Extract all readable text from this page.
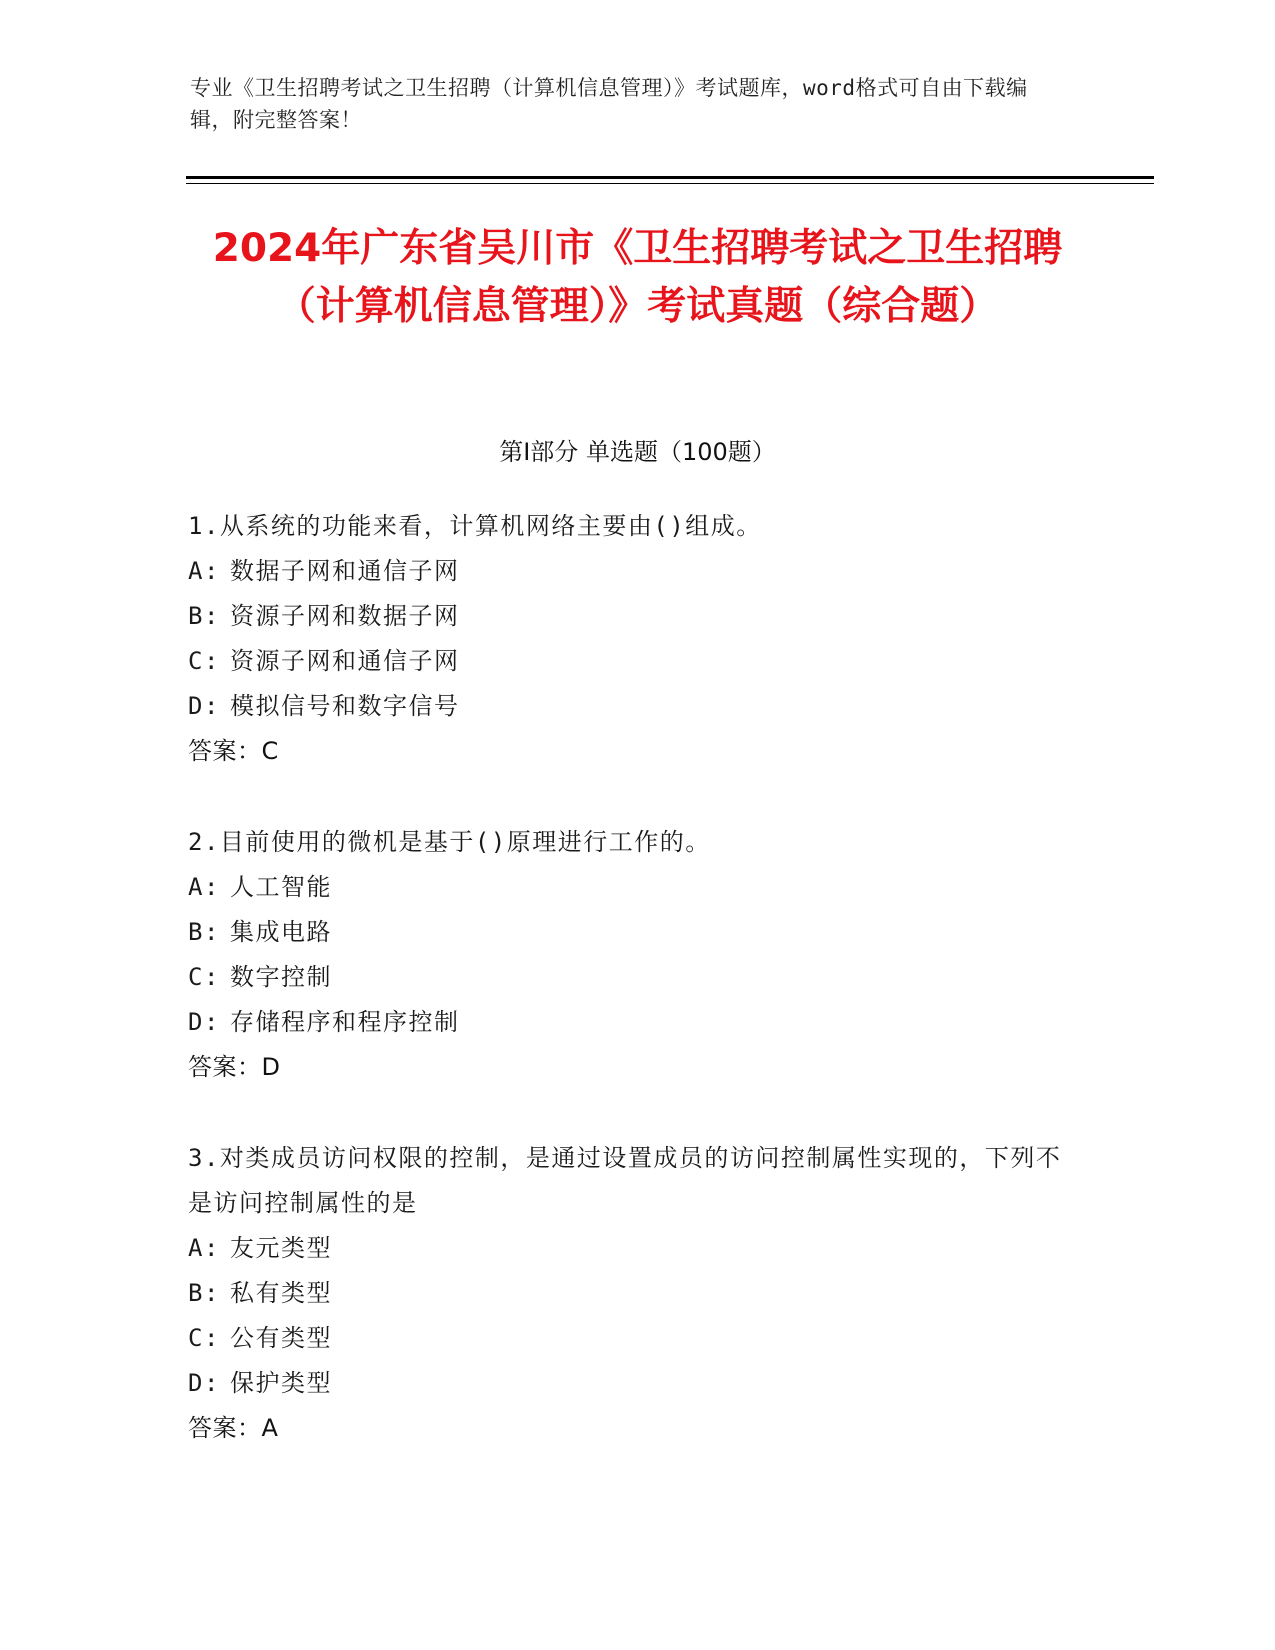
专业《卫生招聘考试之卫生招聘（计算机信息管理）》考试题库，word格式可自由下载编辑，附完整答案！
2024年广东省吴川市《卫生招聘考试之卫生招聘（计算机信息管理）》考试真题（综合题）
第Ⅰ部分 单选题（100题）
1.从系统的功能来看，计算机网络主要由()组成。
A: 数据子网和通信子网
B: 资源子网和数据子网
C: 资源子网和通信子网
D: 模拟信号和数字信号
答案：C
2.目前使用的微机是基于()原理进行工作的。
A: 人工智能
B: 集成电路
C: 数字控制
D: 存储程序和程序控制
答案：D
3.对类成员访问权限的控制，是通过设置成员的访问控制属性实现的，下列不是访问控制属性的是
A: 友元类型
B: 私有类型
C: 公有类型
D: 保护类型
答案：A
